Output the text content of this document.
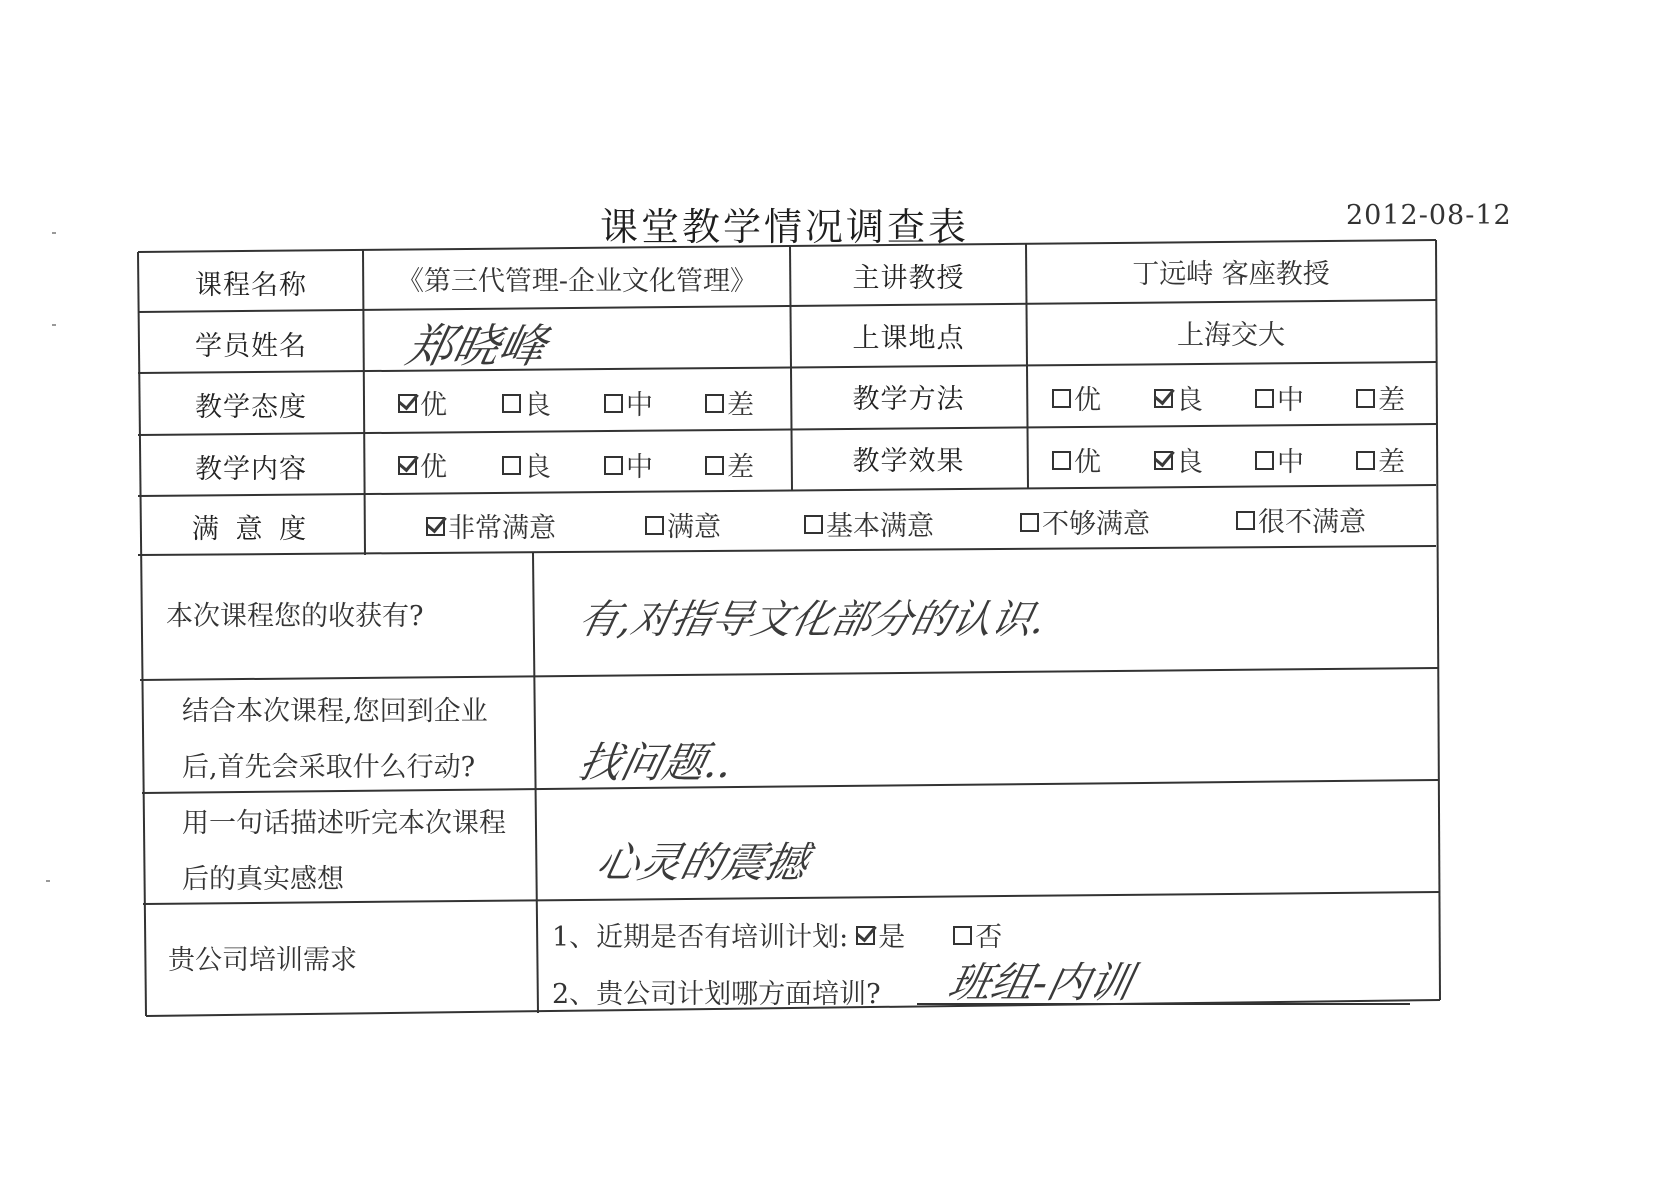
课堂教学情况调查表	2012-08-12
课程名称	《第三代管理-企业文化管理》	主讲教授	丁远峙 客座教授
学员姓名	郑晓峰	上课地点	上海交大
教学态度	优	良	中	差	教学方法	优	良	中	差
教学内容	优	良	中	差	教学效果	优	良	中	差
满 意 度	非常满意	满意	基本满意	不够满意	很不满意
本次课程您的收获有?	有,对指导文化部分的认识.
结合本次课程,您回到企业
后,首先会采取什么行动?	找问题..
用一句话描述听完本次课程
后的真实感想	心灵的震撼
贵公司培训需求
1、近期是否有培训计划: 是	否
2、贵公司计划哪方面培训? 班组-内训
